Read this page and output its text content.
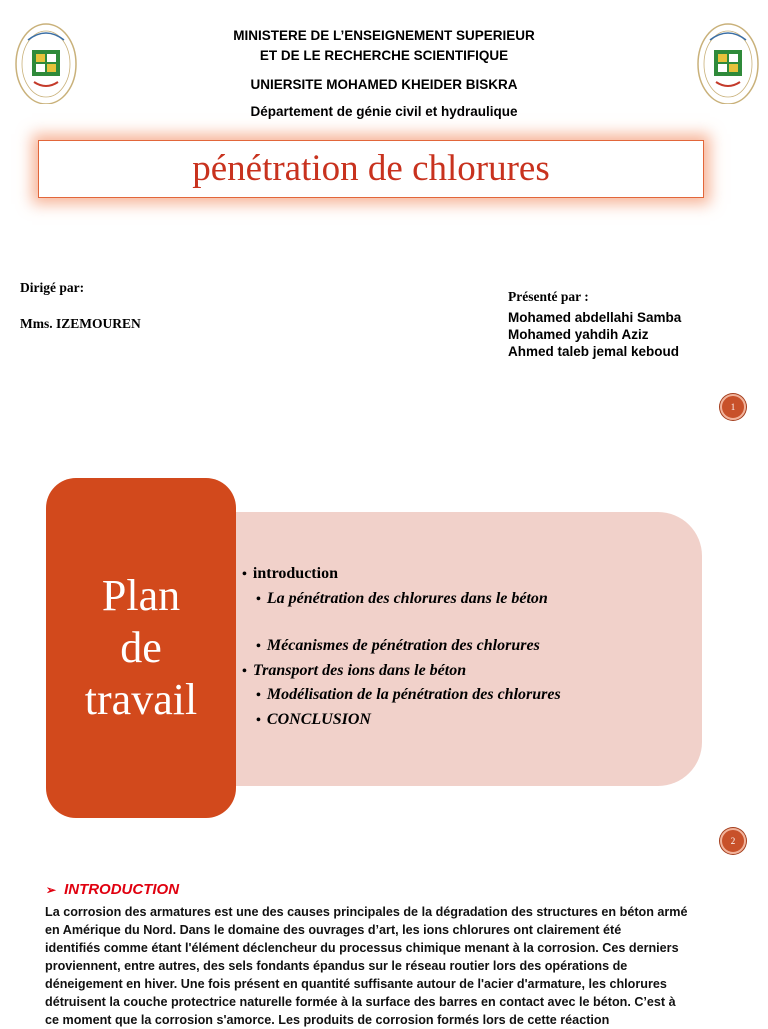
MINISTERE DE L’ENSEIGNEMENT SUPERIEUR
ET DE LE RECHERCHE SCIENTIFIQUE
UNIERSITE MOHAMED KHEIDER BISKRA
Département de génie civil et hydraulique
pénétration de chlorures
Dirigé par:
Mms. IZEMOUREN
Présenté par :
Mohamed abdellahi Samba
Mohamed yahdih Aziz
Ahmed taleb jemal keboud
1
Plan
de
travail
• introduction
• La pénétration des chlorures dans le béton
• Mécanismes de pénétration des chlorures
• Transport des ions dans le béton
• Modélisation de la pénétration des chlorures
• CONCLUSION
2
➢ INTRODUCTION
La corrosion des armatures est une des causes principales de la dégradation des structures en béton armé
en Amérique du Nord. Dans le domaine des ouvrages d’art, les ions chlorures ont clairement été
identifiés comme étant l'élément déclencheur du processus chimique menant à la corrosion. Ces derniers
proviennent, entre autres, des sels fondants épandus sur le réseau routier lors des opérations de
déneigement en hiver. Une fois présent en quantité suffisante autour de l'acier d'armature, les chlorures
détruisent la couche protectrice naturelle formée à la surface des barres en contact avec le béton. C’est à
ce moment que la corrosion s'amorce. Les produits de corrosion formés lors de cette réaction
